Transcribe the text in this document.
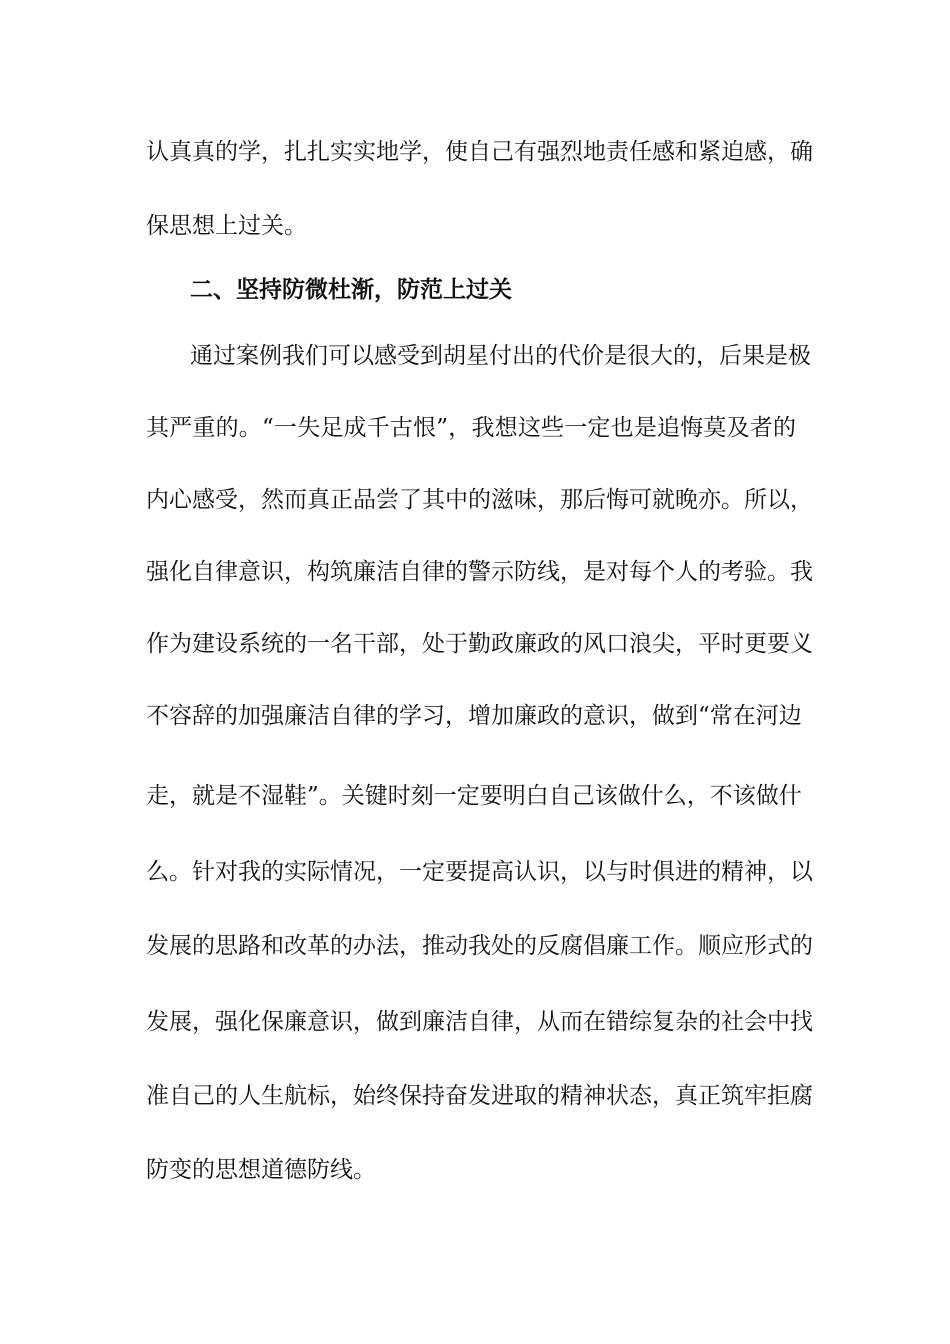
认真真的学，扎扎实实地学，使自己有强烈地责任感和紧迫感，确
保思想上过关。
二、坚持防微杜渐，防范上过关
通过案例我们可以感受到胡星付出的代价是很大的，后果是极
其严重的。“一失足成千古恨”，我想这些一定也是追悔莫及者的
内心感受，然而真正品尝了其中的滋味，那后悔可就晚亦。所以，
强化自律意识，构筑廉洁自律的警示防线，是对每个人的考验。我
作为建设系统的一名干部，处于勤政廉政的风口浪尖，平时更要义
不容辞的加强廉洁自律的学习，增加廉政的意识，做到“常在河边
走，就是不湿鞋”。关键时刻一定要明白自己该做什么，不该做什
么。针对我的实际情况，一定要提高认识，以与时俱进的精神，以
发展的思路和改革的办法，推动我处的反腐倡廉工作。顺应形式的
发展，强化保廉意识，做到廉洁自律，从而在错综复杂的社会中找
准自己的人生航标，始终保持奋发进取的精神状态，真正筑牢拒腐
防变的思想道德防线。
